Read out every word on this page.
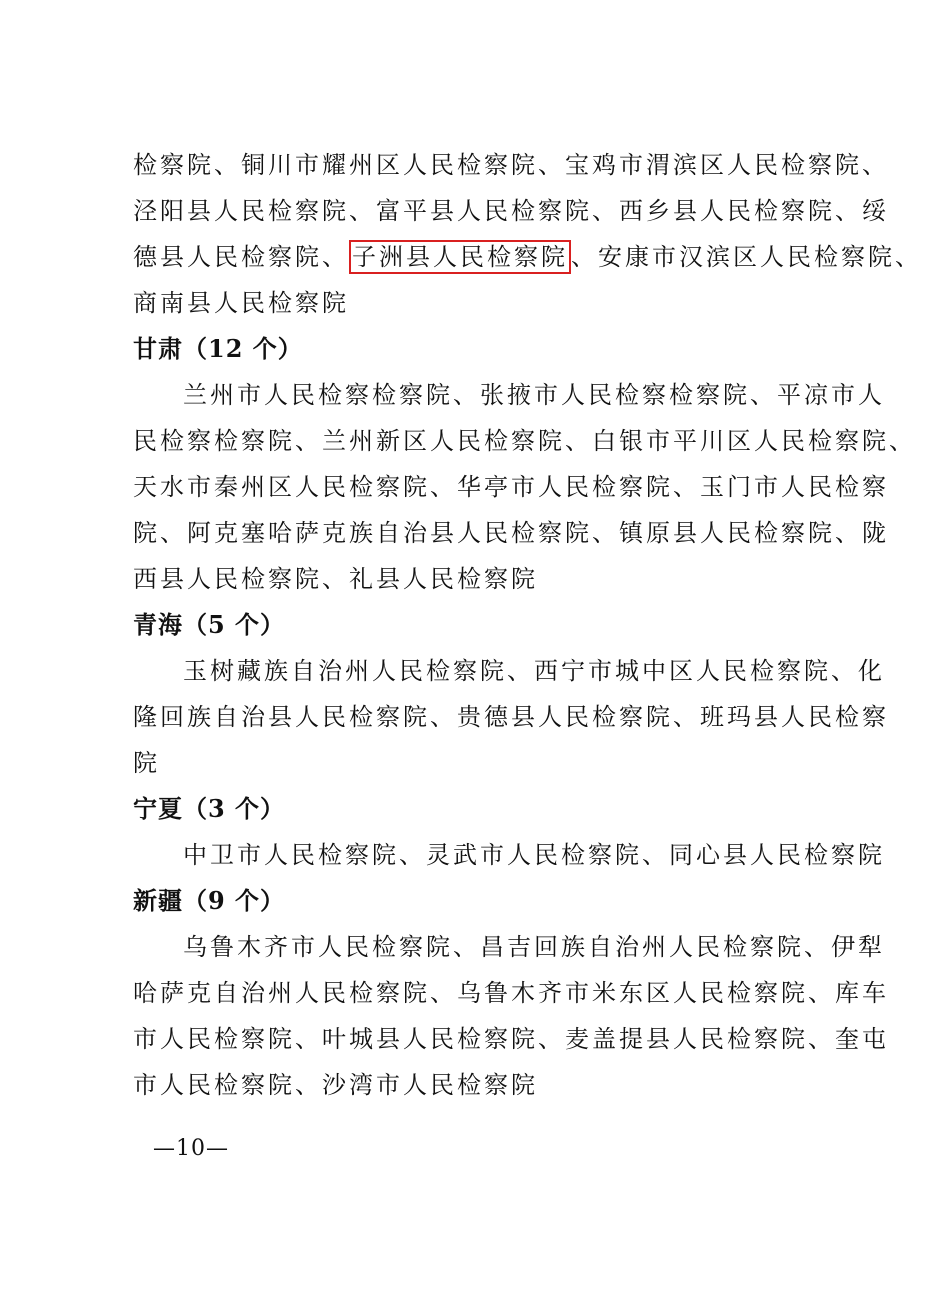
检察院、铜川市耀州区人民检察院、宝鸡市渭滨区人民检察院、
泾阳县人民检察院、富平县人民检察院、西乡县人民检察院、绥
德县人民检察院、 子洲县人民检察院 、安康市汉滨区人民检察院、
商南县人民检察院
甘肃（12 个）
兰州市人民检察检察院、张掖市人民检察检察院、平凉市人
民检察检察院、兰州新区人民检察院、白银市平川区人民检察院、
天水市秦州区人民检察院、华亭市人民检察院、玉门市人民检察
院、阿克塞哈萨克族自治县人民检察院、镇原县人民检察院、陇
西县人民检察院、礼县人民检察院
青海（5 个）
玉树藏族自治州人民检察院、西宁市城中区人民检察院、化
隆回族自治县人民检察院、贵德县人民检察院、班玛县人民检察
院
宁夏（3 个）
中卫市人民检察院、灵武市人民检察院、同心县人民检察院
新疆（9 个）
乌鲁木齐市人民检察院、昌吉回族自治州人民检察院、伊犁
哈萨克自治州人民检察院、乌鲁木齐市米东区人民检察院、库车
市人民检察院、叶城县人民检察院、麦盖提县人民检察院、奎屯
市人民检察院、沙湾市人民检察院
—10—
